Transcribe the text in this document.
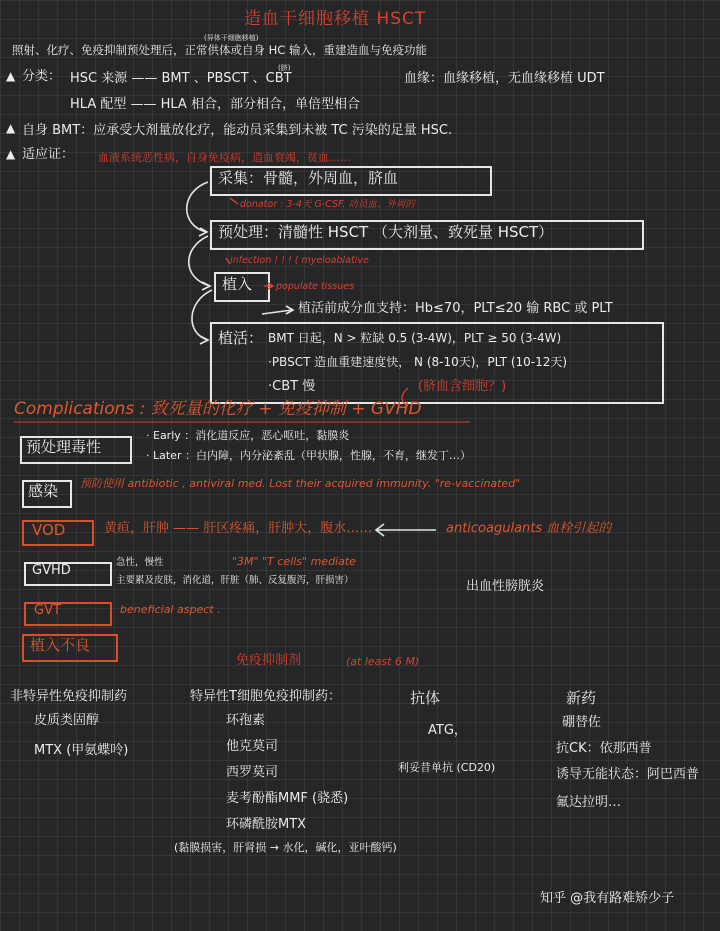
造血干细胞移植 HSCT
照射、化疗、免疫抑制预处理后，正常供体或自身 HC 输入，重建造血与免疫功能
(异体干细胞移植)
(脐)
▲ 分类： HSC 来源 —— BMT 、PBSCT 、CBT	血缘：血缘移植，无血缘移植 UDT
HLA 配型 —— HLA 相合，部分相合，单倍型相合
▲ 自身 BMT：应承受大剂量放化疗，能动员采集到未被 TC 污染的足量 HSC.
▲ 适应证： 血液系统恶性病，自身免疫病，造血衰竭，贫血……
采集：骨髓，外周血，脐血
donator : 3-4天 G-CSF. 动员血、外周的
预处理：清髓性 HSCT （大剂量、致死量 HSCT）
infection ! ! ! ( myeloablative
植入	populate tissues
植活前成分血支持：Hb≤70，PLT≤20 输 RBC 或 PLT
植活： BMT 日起，N > 粒缺 0.5 (3-4W)，PLT ≥ 50 (3-4W)
·PBSCT 造血重建速度快， N (8-10天)，PLT (10-12天)
·CBT 慢	(脐血含细胞？)
Complications : 致死量的化疗 + 免疫抑制 + GVHD
预处理毒性
· Early ：消化道反应，恶心呕吐，黏膜炎
· Later ：白内障，内分泌紊乱（甲状腺，性腺，不育，继发丁…）
感染 预防使用 antibiotic , antiviral med. Lost their acquired immunity. "re-vaccinated"
VOD	黄疸，肝肿 —— 肝区疼痛，肝肿大，腹水……	anticoagulants 血栓引起的
GVHD
急性，慢性	"3M" "T cells" mediate
主要累及皮肤，消化道，肝脏（肺、反复腹泻，肝损害）	出血性膀胱炎
GVT	beneficial aspect .
植入不良
免疫抑制剂	(at least 6 M)
非特异性免疫抑制药
皮质类固醇
MTX (甲氨蝶呤)
特异性T细胞免疫抑制药：
环孢素
他克莫司
西罗莫司
麦考酚酯MMF (骁悉)
环磷酰胺MTX
(黏膜损害，肝肾损 → 水化，碱化，亚叶酸钙)
抗体
ATG，
利妥昔单抗 (CD20)
新药
硼替佐
抗CK：依那西普
诱导无能状态：阿巴西普
氟达拉明…
知乎 @我有路难矫少子
